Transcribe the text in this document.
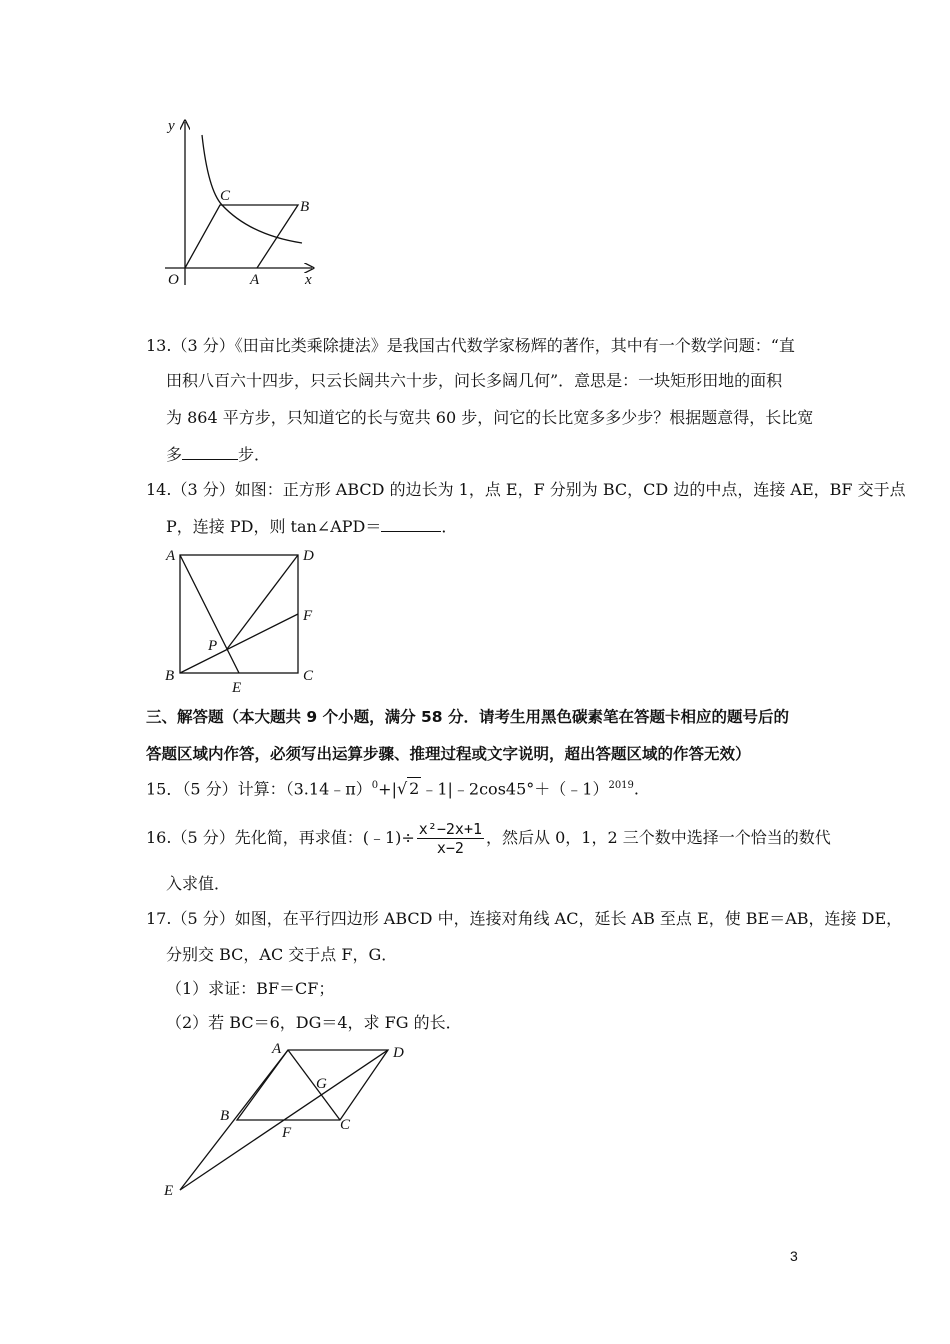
y
x
O	A
B
C
13.（3 分）《田亩比类乘除捷法》是我国古代数学家杨辉的著作，其中有一个数学问题：“直
田积八百六十四步，只云长阔共六十步，问长多阔几何”．意思是：一块矩形田地的面积
为 864 平方步，只知道它的长与宽共 60 步，问它的长比宽多多少步？根据题意得，长比宽
多	步．
14.（3 分）如图：正方形 ABCD 的边长为 1，点 E，F 分别为 BC，CD 边的中点，连接 AE，BF 交于点
P，连接 PD，则 tan∠APD＝	．
A	D
F
B	C
E
P
三、解答题（本大题共 9 个小题，满分 58 分．请考生用黑色碳素笔在答题卡相应的题号后的
答题区域内作答，必须写出运算步骤、推理过程或文字说明，超出答题区域的作答无效）
15．（5 分）计算：（3.14﹣π）$^0$+|√ 2 ﹣1|﹣2cos45°＋（﹣1）$^{2019}$.
16.（5 分）先化简，再求值：(﹣1)÷ $\frac{\text{x²−2x+1}}{x-2}$ ，然后从 0，1，2 三个数中选择一个恰当的数代
入求值．
17.（5 分）如图，在平行四边形 ABCD 中，连接对角线 AC，延长 AB 至点 E，使 BE＝AB，连接 DE，
分别交 BC，AC 交于点 F，G．
（1）求证：BF＝CF；
（2）若 BC＝6，DG＝4，求 FG 的长．
A	D
G
B
C
F
E
3
